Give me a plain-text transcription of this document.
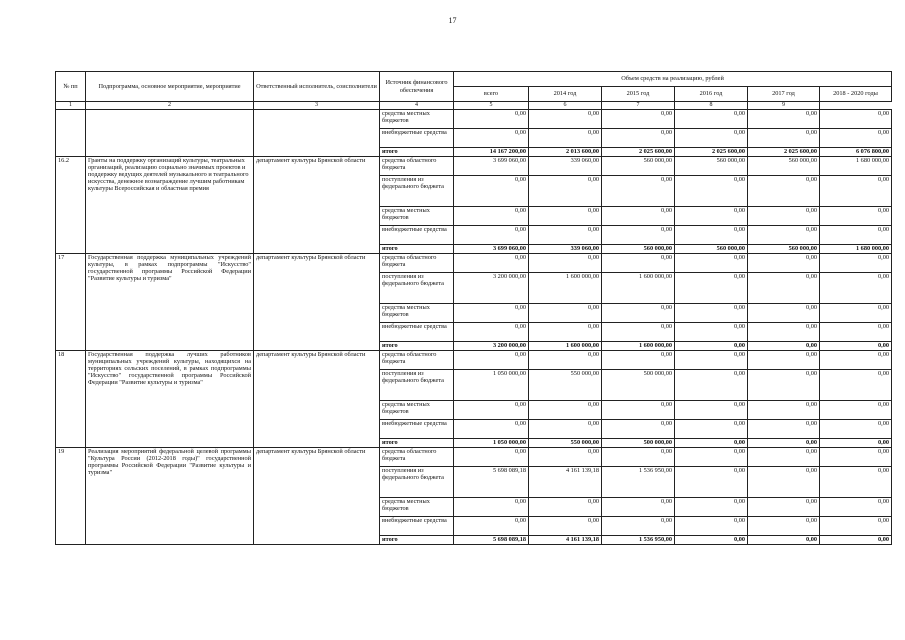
17
№ пп	Подпрограмма, основное мероприятие, мероприятие	Ответственный исполнитель, соисполнители	Источник финансового обеспечения	Объем средств на реализацию, рублей					
				всего	2014 год	2015 год	2016 год	2017 год	2018 - 2020 годы
1	2	3	4	5	6	7	8	9	
			средства местных бюджетов	0,00	0,00	0,00	0,00	0,00	0,00
			внебюджетные средства	0,00	0,00	0,00	0,00	0,00	0,00
			итого	14 167 200,00	2 013 600,00	2 025 600,00	2 025 600,00	2 025 600,00	6 076 800,00
16.2	Гранты на поддержку организаций культуры, театральных организаций, реализацию социально значимых проектов и поддержку ведущих деятелей музыкального и театрального искусства, денежное вознаграждение лучшим работникам культуры Всероссийская и областная премия	департамент культуры Брянской области	средства областного бюджета	3 699 060,00	339 060,00	560 000,00	560 000,00	560 000,00	1 680 000,00
			поступления из федерального бюджета	0,00	0,00	0,00	0,00	0,00	0,00
			средства местных бюджетов	0,00	0,00	0,00	0,00	0,00	0,00
			внебюджетные средства	0,00	0,00	0,00	0,00	0,00	0,00
			итого	3 699 060,00	339 060,00	560 000,00	560 000,00	560 000,00	1 680 000,00
17	Государственная поддержка муниципальных учреждений культуры, в рамках подпрограммы "Искусство" государственной программы Российской Федерации "Развитие культуры и туризма"	департамент культуры Брянской области	средства областного бюджета	0,00	0,00	0,00	0,00	0,00	0,00
			поступления из федерального бюджета	3 200 000,00	1 600 000,00	1 600 000,00	0,00	0,00	0,00
			средства местных бюджетов	0,00	0,00	0,00	0,00	0,00	0,00
			внебюджетные средства	0,00	0,00	0,00	0,00	0,00	0,00
			итого	3 200 000,00	1 600 000,00	1 600 000,00	0,00	0,00	0,00
18	Государственная поддержка лучших работников муниципальных учреждений культуры, находящихся на территориях сельских поселений, в рамках подпрограммы "Искусство" государственной программы Российской Федерации "Развитие культуры и туризма"	департамент культуры Брянской области	средства областного бюджета	0,00	0,00	0,00	0,00	0,00	0,00
			поступления из федерального бюджета	1 050 000,00	550 000,00	500 000,00	0,00	0,00	0,00
			средства местных бюджетов	0,00	0,00	0,00	0,00	0,00	0,00
			внебюджетные средства	0,00	0,00	0,00	0,00	0,00	0,00
			итого	1 050 000,00	550 000,00	500 000,00	0,00	0,00	0,00
19	Реализация мероприятий федеральной целевой программы "Культура России (2012-2018 годы)" государственной программы Российской Федерации "Развитие культуры и туризма"	департамент культуры Брянской области	средства областного бюджета	0,00	0,00	0,00	0,00	0,00	0,00
			поступления из федерального бюджета	5 698 089,18	4 161 139,18	1 536 950,00	0,00	0,00	0,00
			средства местных бюджетов	0,00	0,00	0,00	0,00	0,00	0,00
			внебюджетные средства	0,00	0,00	0,00	0,00	0,00	0,00
			итого	5 698 089,18	4 161 139,18	1 536 950,00	0,00	0,00	0,00
